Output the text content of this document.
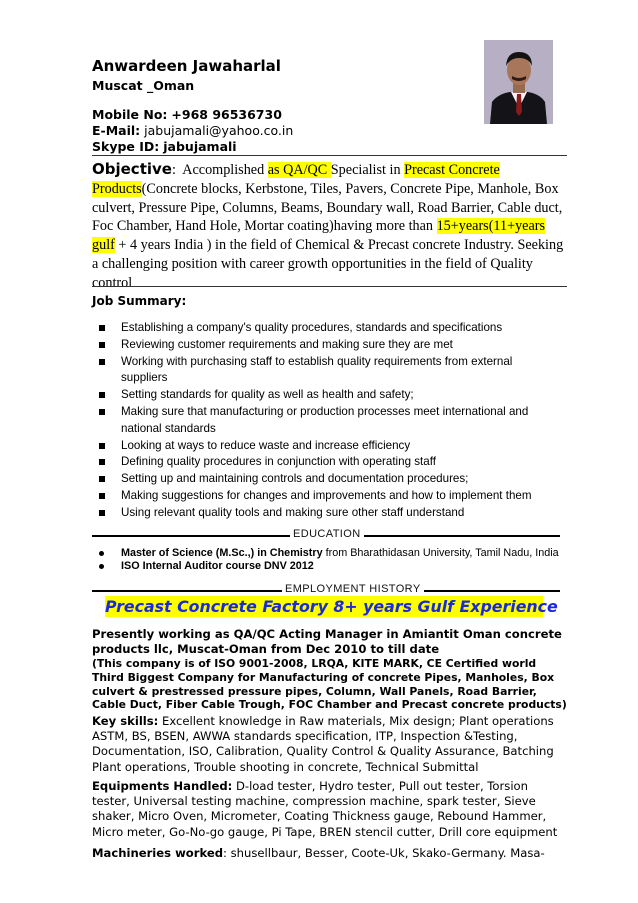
Anwardeen Jawaharlal
Muscat _Oman
Mobile No: +968 96536730
E-Mail: jabujamali@yahoo.co.in
Skype ID: jabujamali
Objective: Accomplished as QA/QC Specialist in Precast Concrete Products(Concrete blocks, Kerbstone, Tiles, Pavers, Concrete Pipe, Manhole, Box culvert, Pressure Pipe, Columns, Beams, Boundary wall, Road Barrier, Cable duct, Foc Chamber, Hand Hole, Mortar coating)having more than 15+years(11+years gulf + 4 years India ) in the field of Chemical & Precast concrete Industry. Seeking a challenging position with career growth opportunities in the field of Quality control
Job Summary:
Establishing a company's quality procedures, standards and specifications
Reviewing customer requirements and making sure they are met
Working with purchasing staff to establish quality requirements from external suppliers
Setting standards for quality as well as health and safety;
Making sure that manufacturing or production processes meet international and national standards
Looking at ways to reduce waste and increase efficiency
Defining quality procedures in conjunction with operating staff
Setting up and maintaining controls and documentation procedures;
Making suggestions for changes and improvements and how to implement them
Using relevant quality tools and making sure other staff understand
EDUCATION
Master of Science (M.Sc.,) in Chemistry from Bharathidasan University, Tamil Nadu, India
ISO Internal Auditor course DNV 2012
EMPLOYMENT HISTORY
Precast Concrete Factory 8+ years Gulf Experience
Presently working as QA/QC Acting Manager in Amiantit Oman concrete products llc, Muscat-Oman from Dec 2010 to till date
(This company is of ISO 9001-2008, LRQA, KITE MARK, CE Certified world Third Biggest Company for Manufacturing of concrete Pipes, Manholes, Box culvert & prestressed pressure pipes, Column, Wall Panels, Road Barrier, Cable Duct, Fiber Cable Trough, FOC Chamber and Precast concrete products)
Key skills: Excellent knowledge in Raw materials, Mix design; Plant operations ASTM, BS, BSEN, AWWA standards specification, ITP, Inspection &Testing, Documentation, ISO, Calibration, Quality Control & Quality Assurance, Batching Plant operations, Trouble shooting in concrete, Technical Submittal
Equipments Handled: D-load tester, Hydro tester, Pull out tester, Torsion tester, Universal testing machine, compression machine, spark tester, Sieve shaker, Micro Oven, Micrometer, Coating Thickness gauge, Rebound Hammer, Micro meter, Go-No-go gauge, Pi Tape, BREN stencil cutter, Drill core equipment
Machineries worked: shusellbaur, Besser, Coote-Uk, Skako-Germany. Masa-
